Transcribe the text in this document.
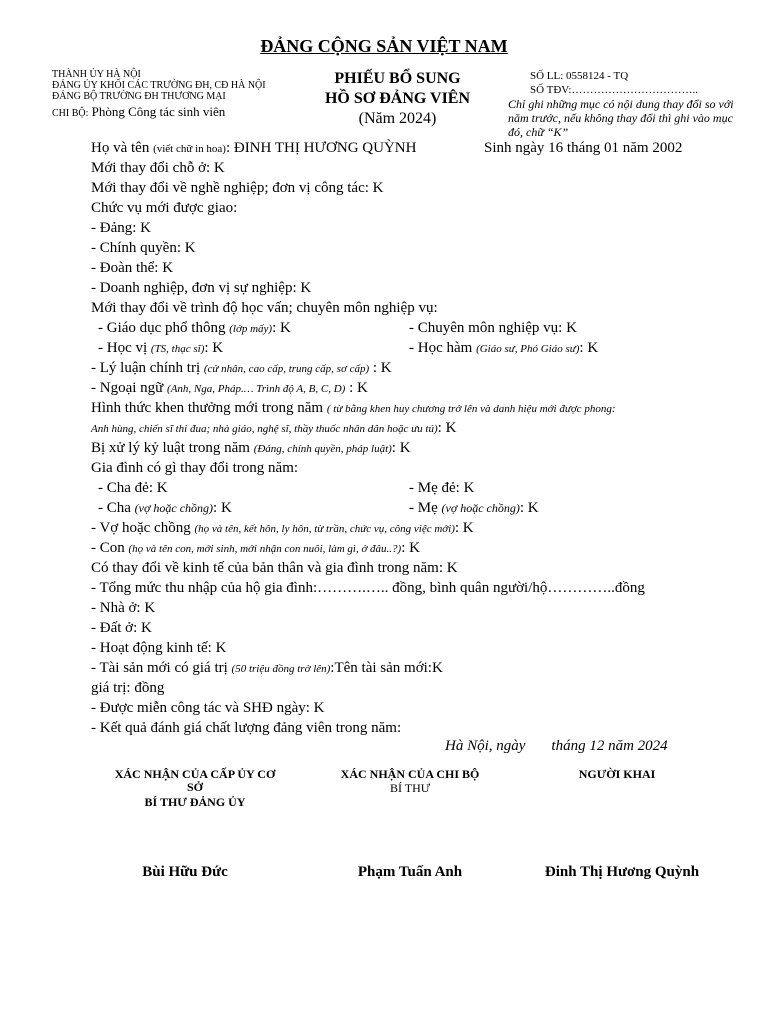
ĐẢNG CỘNG SẢN VIỆT NAM
THÀNH ỦY HÀ NỘI
ĐẢNG ỦY KHỐI CÁC TRƯỜNG ĐH, CĐ HÀ NỘI
ĐẢNG BỘ TRƯỜNG ĐH THƯƠNG MẠI
CHI BỘ: Phòng Công tác sinh viên
PHIẾU BỔ SUNG
HỒ SƠ ĐẢNG VIÊN
(Năm 2024)
SỐ LL: 0558124 - TQ
SỐ TĐV:……………………………..
Chỉ ghi những mục có nội dung thay đổi so với năm trước, nếu không thay đổi thì ghi vào mục đó, chữ “K”
Họ và tên (viết chữ in hoa): ĐINH THỊ HƯƠNG QUỲNH	Sinh ngày 16 tháng 01 năm 2002
Mới thay đổi chỗ ở: K
Mới thay đổi về nghề nghiệp; đơn vị công tác: K
Chức vụ mới được giao:
- Đảng: K
- Chính quyền: K
- Đoàn thể: K
- Doanh nghiệp, đơn vị sự nghiệp: K
Mới thay đổi về trình độ học vấn; chuyên môn nghiệp vụ:
- Giáo dục phổ thông (lớp mấy): K	- Chuyên môn nghiệp vụ: K
- Học vị (TS, thạc sĩ): K	- Học hàm (Giáo sư, Phó Giáo sư): K
- Lý luận chính trị (cử nhân, cao cấp, trung cấp, sơ cấp) : K
- Ngoại ngữ (Anh, Nga, Pháp.… Trình độ A, B, C, D) : K
Hình thức khen thưởng mới trong năm ( từ bằng khen huy chương trở lên và danh hiệu mới được phong:
Anh hùng, chiến sĩ thi đua; nhà giáo, nghệ sĩ, thầy thuốc nhân dân hoặc ưu tú): K
Bị xử lý kỷ luật trong năm (Đảng, chính quyền, pháp luật): K
Gia đình có gì thay đổi trong năm:
- Cha đẻ: K	- Mẹ đẻ: K
- Cha (vợ hoặc chồng): K	- Mẹ (vợ hoặc chồng): K
- Vợ hoặc chồng (họ và tên, kết hôn, ly hôn, từ trần, chức vụ, công việc mới): K
- Con (họ và tên con, mới sinh, mới nhận con nuôi, làm gì, ở đâu..?): K
Có thay đổi về kinh tế của bản thân và gia đình trong năm: K
- Tổng mức thu nhập của hộ gia đình:……….….. đồng, bình quân người/hộ…………..đồng
- Nhà ở: K
- Đất ở: K
- Hoạt động kinh tế: K
- Tài sản mới có giá trị (50 triệu đồng trở lên):Tên tài sản mới:K
giá trị: đồng
- Được miễn công tác và SHĐ ngày: K
- Kết quả đánh giá chất lượng đảng viên trong năm:
Hà Nội, ngày tháng 12 năm 2024
XÁC NHẬN CỦA CẤP ỦY CƠ
SỞ
BÍ THƯ ĐẢNG ỦY
Bùi Hữu Đức
XÁC NHẬN CỦA CHI BỘ
BÍ THƯ
Phạm Tuấn Anh
NGƯỜI KHAI
Đinh Thị Hương Quỳnh
